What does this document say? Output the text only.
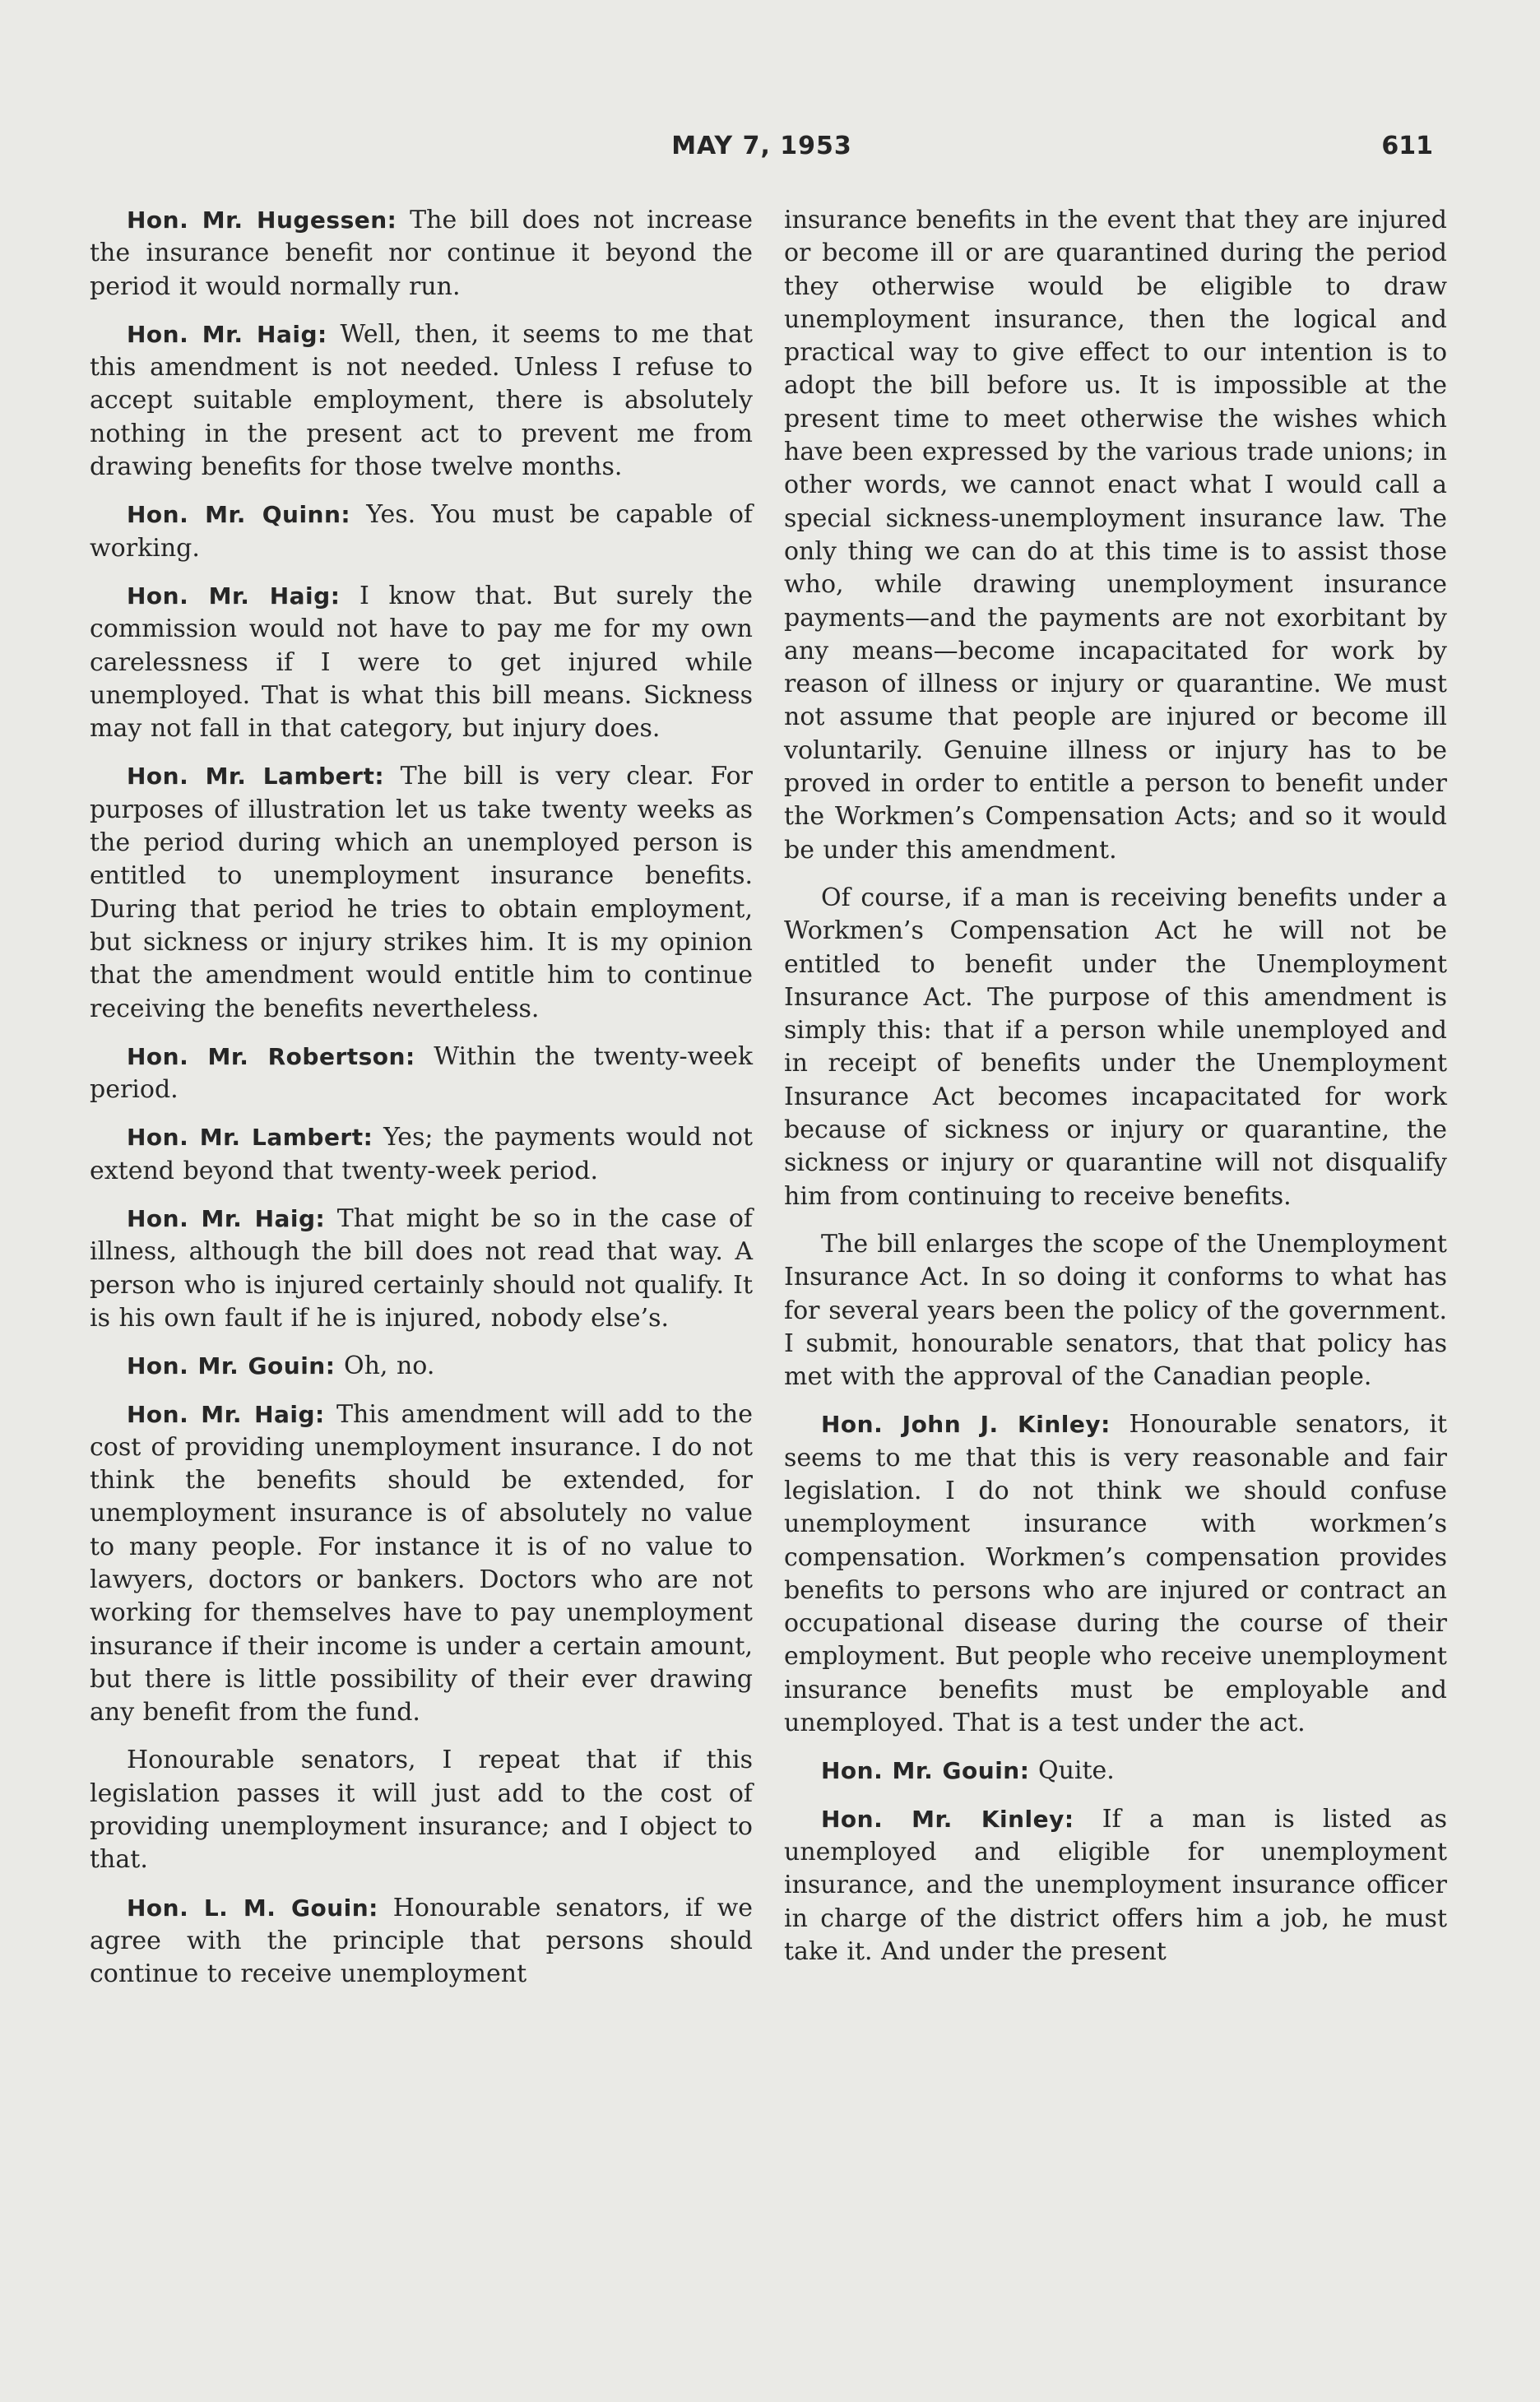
MAY 7, 1953	611

Hon. Mr. Hugessen: The bill does not increase the insurance benefit nor continue it beyond the period it would normally run.

Hon. Mr. Haig: Well, then, it seems to me that this amendment is not needed. Unless I refuse to accept suitable employment, there is absolutely nothing in the present act to prevent me from drawing benefits for those twelve months.

Hon. Mr. Quinn: Yes. You must be capable of working.

Hon. Mr. Haig: I know that. But surely the commission would not have to pay me for my own carelessness if I were to get injured while unemployed. That is what this bill means. Sickness may not fall in that category, but injury does.

Hon. Mr. Lambert: The bill is very clear. For purposes of illustration let us take twenty weeks as the period during which an unemployed person is entitled to unemployment insurance benefits. During that period he tries to obtain employment, but sickness or injury strikes him. It is my opinion that the amendment would entitle him to continue receiving the benefits nevertheless.

Hon. Mr. Robertson: Within the twenty-week period.

Hon. Mr. Lambert: Yes; the payments would not extend beyond that twenty-week period.

Hon. Mr. Haig: That might be so in the case of illness, although the bill does not read that way. A person who is injured certainly should not qualify. It is his own fault if he is injured, nobody else’s.

Hon. Mr. Gouin: Oh, no.

Hon. Mr. Haig: This amendment will add to the cost of providing unemployment insurance. I do not think the benefits should be extended, for unemployment insurance is of absolutely no value to many people. For instance it is of no value to lawyers, doctors or bankers. Doctors who are not working for themselves have to pay unemployment insurance if their income is under a certain amount, but there is little possibility of their ever drawing any benefit from the fund.

Honourable senators, I repeat that if this legislation passes it will just add to the cost of providing unemployment insurance; and I object to that.

Hon. L. M. Gouin: Honourable senators, if we agree with the principle that persons should continue to receive unemployment

insurance benefits in the event that they are injured or become ill or are quarantined during the period they otherwise would be eligible to draw unemployment insurance, then the logical and practical way to give effect to our intention is to adopt the bill before us. It is impossible at the present time to meet otherwise the wishes which have been expressed by the various trade unions; in other words, we cannot enact what I would call a special sickness-unemployment insurance law. The only thing we can do at this time is to assist those who, while drawing unemployment insurance payments—and the payments are not exorbitant by any means—become incapacitated for work by reason of illness or injury or quarantine. We must not assume that people are injured or become ill voluntarily. Genuine illness or injury has to be proved in order to entitle a person to benefit under the Workmen’s Compensation Acts; and so it would be under this amendment.

Of course, if a man is receiving benefits under a Workmen’s Compensation Act he will not be entitled to benefit under the Unemployment Insurance Act. The purpose of this amendment is simply this: that if a person while unemployed and in receipt of benefits under the Unemployment Insurance Act becomes incapacitated for work because of sickness or injury or quarantine, the sickness or injury or quarantine will not disqualify him from continuing to receive benefits.

The bill enlarges the scope of the Unemployment Insurance Act. In so doing it conforms to what has for several years been the policy of the government. I submit, honourable senators, that that policy has met with the approval of the Canadian people.

Hon. John J. Kinley: Honourable senators, it seems to me that this is very reasonable and fair legislation. I do not think we should confuse unemployment insurance with workmen’s compensation. Workmen’s compensation provides benefits to persons who are injured or contract an occupational disease during the course of their employment. But people who receive unemployment insurance benefits must be employable and unemployed. That is a test under the act.

Hon. Mr. Gouin: Quite.

Hon. Mr. Kinley: If a man is listed as unemployed and eligible for unemployment insurance, and the unemployment insurance officer in charge of the district offers him a job, he must take it. And under the present
